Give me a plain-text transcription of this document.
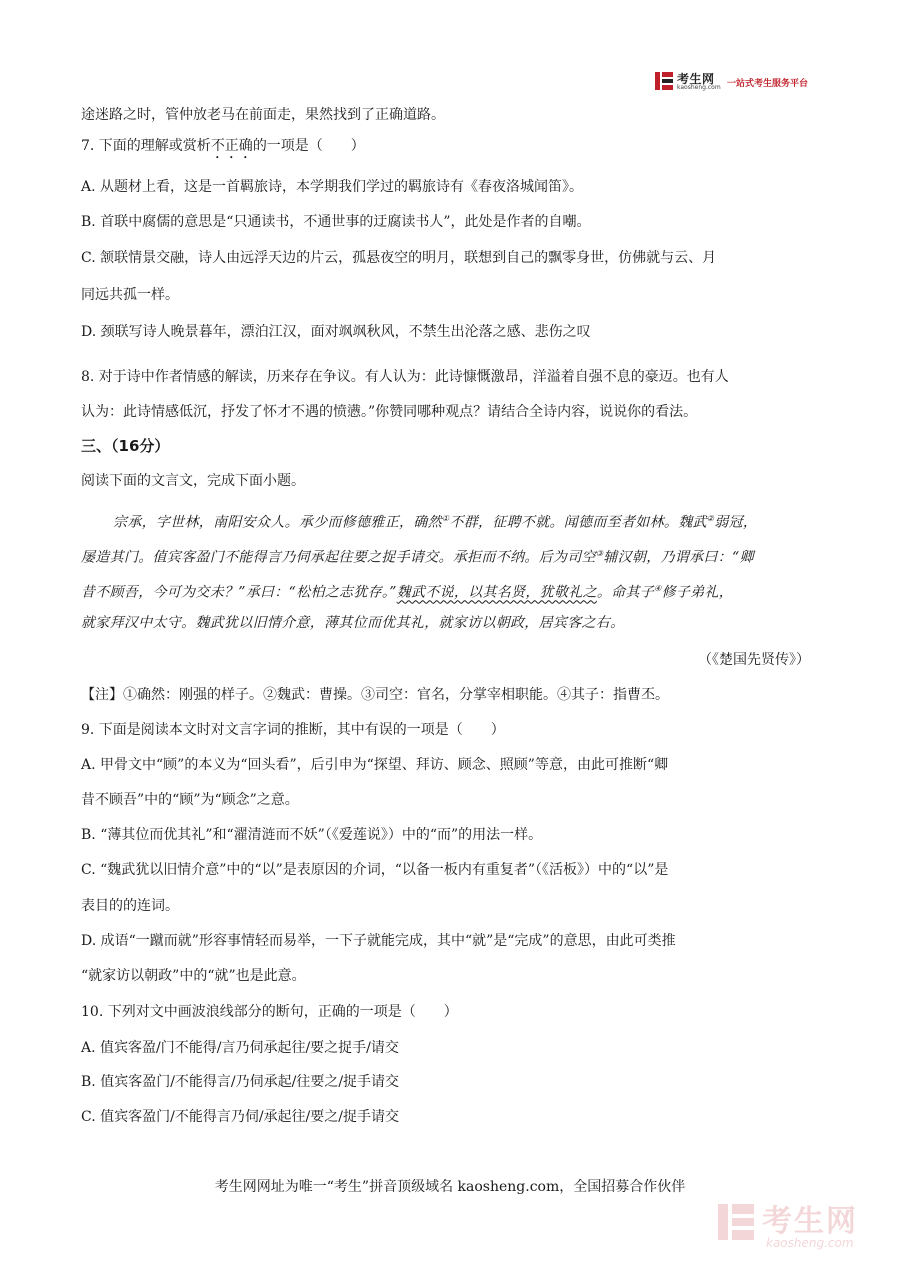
考生网
kaosheng.com 一站式考生服务平台
途迷路之时，管仲放老马在前面走，果然找到了正确道路。
7. 下面的理解或赏析不正确的一项是（　　）
A. 从题材上看，这是一首羁旅诗，本学期我们学过的羁旅诗有《春夜洛城闻笛》。
B. 首联中腐儒的意思是“只通读书，不通世事的迂腐读书人”，此处是作者的自嘲。
C. 颔联情景交融，诗人由远浮天边的片云，孤悬夜空的明月，联想到自己的飘零身世，仿佛就与云、月
同远共孤一样。
D. 颈联写诗人晚景暮年，漂泊江汉，面对飒飒秋风，不禁生出沦落之感、悲伤之叹
8. 对于诗中作者情感的解读，历来存在争议。有人认为：此诗慷慨激昂，洋溢着自强不息的豪迈。也有人
认为：此诗情感低沉，抒发了怀才不遇的愤懑。”你赞同哪种观点？请结合全诗内容，说说你的看法。
三、（16分）
阅读下面的文言文，完成下面小题。
宗承，字世林，南阳安众人。承少而修德雅正，确然①不群，征聘不就。闻德而至者如林。魏武②弱冠，
屡造其门。值宾客盈门不能得言乃伺承起往要之捉手请交。承拒而不纳。后为司空③辅汉朝，乃谓承曰：“卿
昔不顾吾，今可为交未？”承曰：“松柏之志犹存。”魏武不说，以其名贤，犹敬礼之。命其子④修子弟礼，
就家拜汉中太守。魏武犹以旧情介意，薄其位而优其礼，就家访以朝政，居宾客之右。
（《楚国先贤传》）
【注】①确然：刚强的样子。②魏武：曹操。③司空：官名，分掌宰相职能。④其子：指曹丕。
9. 下面是阅读本文时对文言字词的推断，其中有误的一项是（　　）
A. 甲骨文中“顾”的本义为“回头看”，后引申为“探望、拜访、顾念、照顾”等意，由此可推断“卿
昔不顾吾”中的“顾”为“顾念”之意。
B. “薄其位而优其礼”和“濯清涟而不妖”（《爱莲说》）中的“而”的用法一样。
C. “魏武犹以旧情介意”中的“以”是表原因的介词，“以备一板内有重复者”（《活板》）中的“以”是
表目的的连词。
D. 成语“一蹴而就”形容事情轻而易举，一下子就能完成，其中“就”是“完成”的意思，由此可类推
“就家访以朝政”中的“就”也是此意。
10. 下列对文中画波浪线部分的断句，正确的一项是（　　）
A. 值宾客盈/门不能得/言乃伺承起往/要之捉手/请交
B. 值宾客盈门/不能得言/乃伺承起/往要之/捉手请交
C. 值宾客盈门/不能得言乃伺/承起往/要之/捉手请交
考生网网址为唯一“考生”拼音顶级域名 kaosheng.com，全国招募合作伙伴
考生网
kaosheng.com
